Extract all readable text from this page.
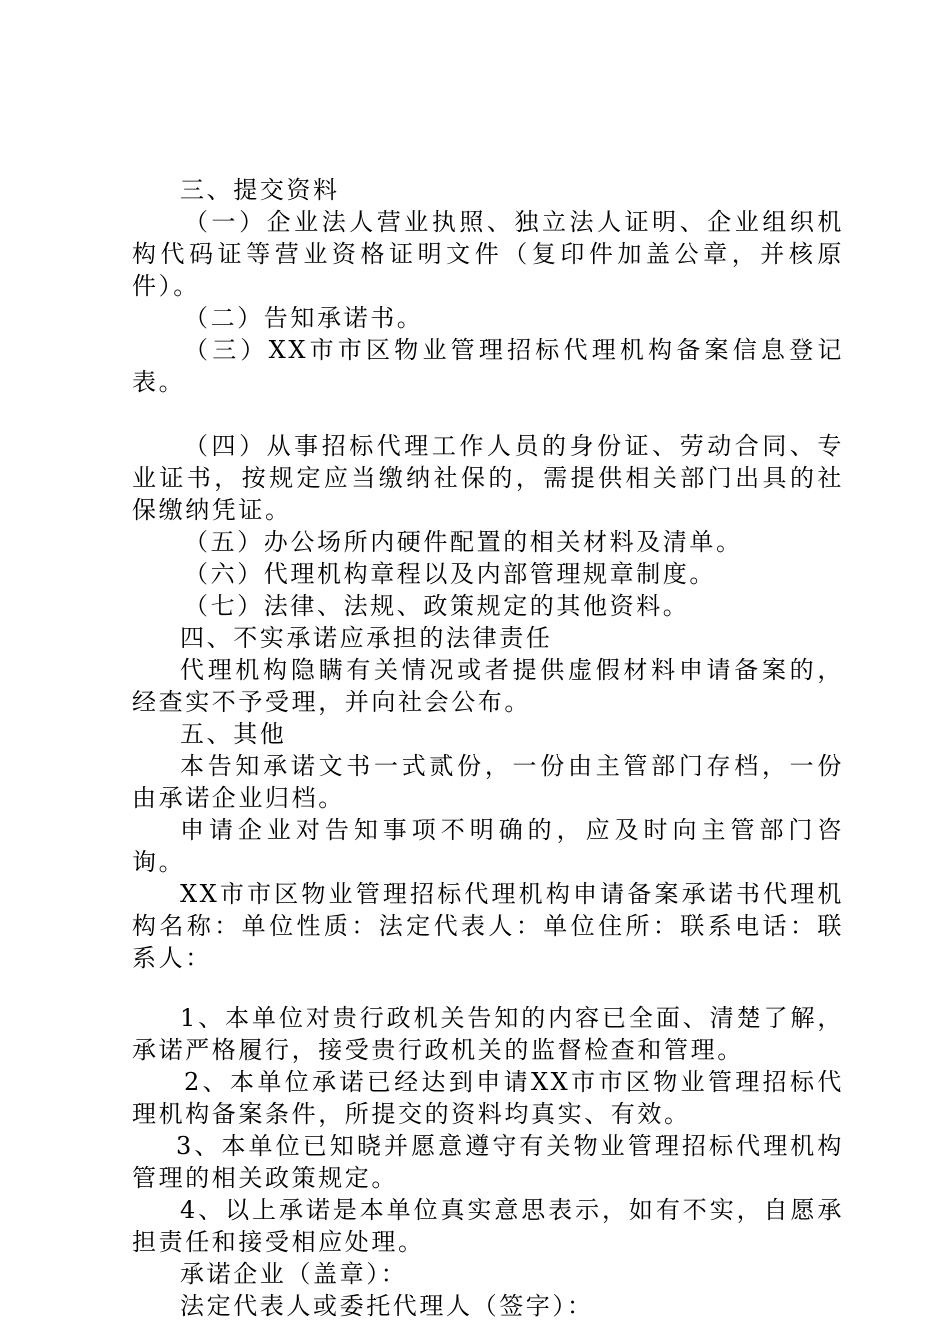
三、提交资料

（一）企业法人营业执照、独立法人证明、企业组织机构代码证等营业资格证明文件（复印件加盖公章，并核原件）。

（二）告知承诺书。

（三）XX市市区物业管理招标代理机构备案信息登记表。

（四）从事招标代理工作人员的身份证、劳动合同、专业证书，按规定应当缴纳社保的，需提供相关部门出具的社保缴纳凭证。

（五）办公场所内硬件配置的相关材料及清单。

（六）代理机构章程以及内部管理规章制度。

（七）法律、法规、政策规定的其他资料。

四、不实承诺应承担的法律责任

代理机构隐瞒有关情况或者提供虚假材料申请备案的，经查实不予受理，并向社会公布。

五、其他

本告知承诺文书一式贰份，一份由主管部门存档，一份由承诺企业归档。

申请企业对告知事项不明确的，应及时向主管部门咨询。

XX市市区物业管理招标代理机构申请备案承诺书代理机构名称：单位性质：法定代表人：单位住所：联系电话：联系人：

1、本单位对贵行政机关告知的内容已全面、清楚了解，承诺严格履行，接受贵行政机关的监督检查和管理。

2、本单位承诺已经达到申请XX市市区物业管理招标代理机构备案条件，所提交的资料均真实、有效。

3、本单位已知晓并愿意遵守有关物业管理招标代理机构管理的相关政策规定。

4、以上承诺是本单位真实意思表示，如有不实，自愿承担责任和接受相应处理。

承诺企业（盖章）：

法定代表人或委托代理人（签字）：
